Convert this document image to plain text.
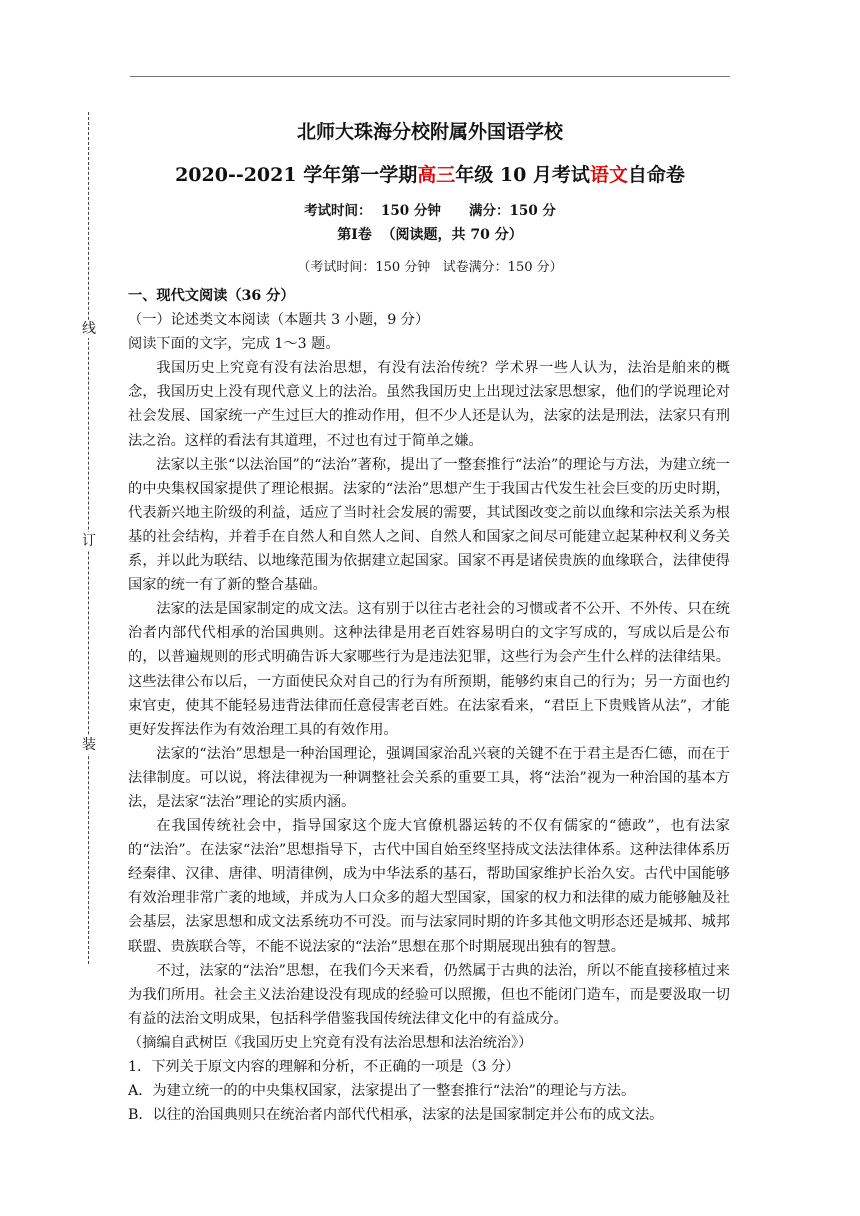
线
订
装
北师大珠海分校附属外国语学校
2020--2021 学年第一学期高三年级 10 月考试语文自命卷
考试时间：  150 分钟      满分：150 分
第Ⅰ卷  （阅读题，共 70 分）
（考试时间：150 分钟   试卷满分：150 分）

一、现代文阅读（36 分）

（一）论述类文本阅读（本题共 3 小题，9 分）

阅读下面的文字，完成 1～3 题。

我国历史上究竟有没有法治思想，有没有法治传统？学术界一些人认为，法治是舶来的概念，我国历史上没有现代意义上的法治。虽然我国历史上出现过法家思想家，他们的学说理论对社会发展、国家统一产生过巨大的推动作用，但不少人还是认为，法家的法是刑法，法家只有刑法之治。这样的看法有其道理，不过也有过于简单之嫌。

法家以主张“以法治国”的“法治”著称，提出了一整套推行“法治”的理论与方法，为建立统一的中央集权国家提供了理论根据。法家的“法治”思想产生于我国古代发生社会巨变的历史时期，代表新兴地主阶级的利益，适应了当时社会发展的需要，其试图改变之前以血缘和宗法关系为根基的社会结构，并着手在自然人和自然人之间、自然人和国家之间尽可能建立起某种权利义务关系，并以此为联结、以地缘范围为依据建立起国家。国家不再是诸侯贵族的血缘联合，法律使得国家的统一有了新的整合基础。

法家的法是国家制定的成文法。这有别于以往古老社会的习惯或者不公开、不外传、只在统治者内部代代相承的治国典则。这种法律是用老百姓容易明白的文字写成的，写成以后是公布的，以普遍规则的形式明确告诉大家哪些行为是违法犯罪，这些行为会产生什么样的法律结果。这些法律公布以后，一方面使民众对自己的行为有所预期，能够约束自己的行为；另一方面也约束官吏，使其不能轻易违背法律而任意侵害老百姓。在法家看来，“君臣上下贵贱皆从法”，才能更好发挥法作为有效治理工具的有效作用。

法家的“法治”思想是一种治国理论，强调国家治乱兴衰的关键不在于君主是否仁德，而在于法律制度。可以说，将法律视为一种调整社会关系的重要工具，将“法治”视为一种治国的基本方法，是法家“法治”理论的实质内涵。

在我国传统社会中，指导国家这个庞大官僚机器运转的不仅有儒家的“德政”，也有法家的“法治”。在法家“法治”思想指导下，古代中国自始至终坚持成文法法律体系。这种法律体系历经秦律、汉律、唐律、明清律例，成为中华法系的基石，帮助国家维护长治久安。古代中国能够有效治理非常广袤的地域，并成为人口众多的超大型国家，国家的权力和法律的威力能够触及社会基层，法家思想和成文法系统功不可没。而与法家同时期的许多其他文明形态还是城邦、城邦联盟、贵族联合等，不能不说法家的“法治”思想在那个时期展现出独有的智慧。

不过，法家的“法治”思想，在我们今天来看，仍然属于古典的法治，所以不能直接移植过来为我们所用。社会主义法治建设没有现成的经验可以照搬，但也不能闭门造车，而是要汲取一切有益的法治文明成果，包括科学借鉴我国传统法律文化中的有益成分。

（摘编自武树臣《我国历史上究竟有没有法治思想和法治统治》）

1．下列关于原文内容的理解和分析，不正确的一项是（3 分）

A．为建立统一的的中央集权国家，法家提出了一整套推行“法治”的理论与方法。

B．以往的治国典则只在统治者内部代代相承，法家的法是国家制定并公布的成文法。
